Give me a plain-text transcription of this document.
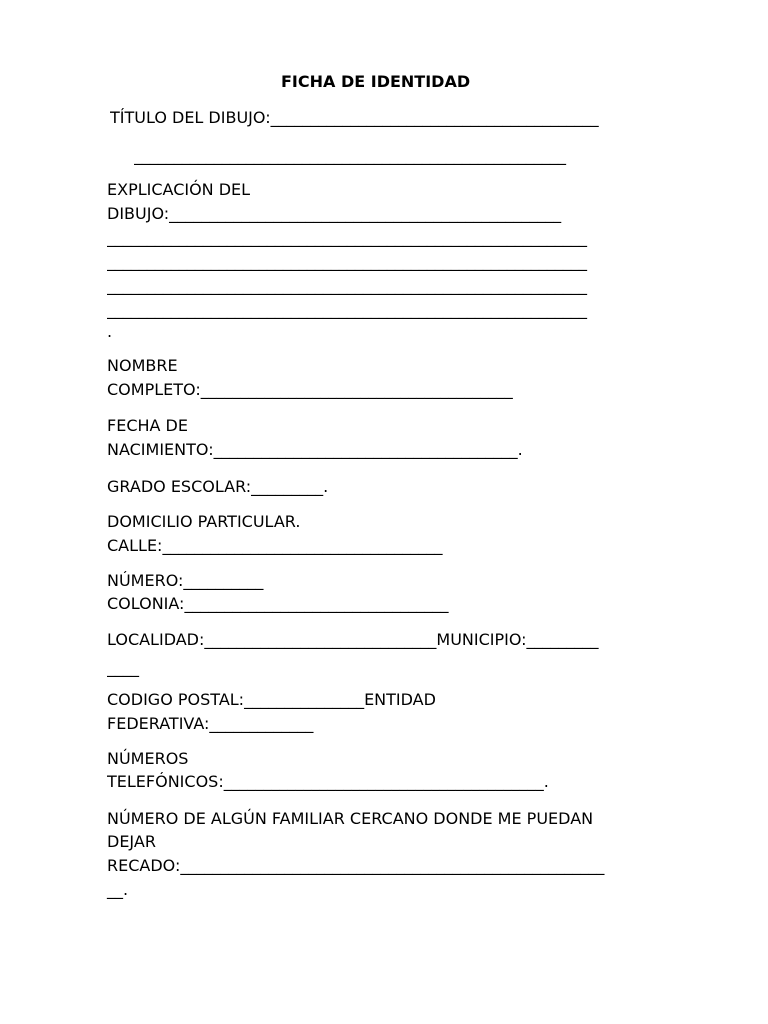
FICHA DE IDENTIDAD
TÍTULO DEL DIBUJO:_________________________________________
______________________________________________________
EXPLICACIÓN DEL
DIBUJO:_________________________________________________
____________________________________________________________
____________________________________________________________
____________________________________________________________
____________________________________________________________
.
NOMBRE
COMPLETO:_______________________________________
FECHA DE
NACIMIENTO:______________________________________.
GRADO ESCOLAR:_________.
DOMICILIO PARTICULAR.
CALLE:___________________________________
NÚMERO:__________
COLONIA:_________________________________
LOCALIDAD:_____________________________MUNICIPIO:_________
____
CODIGO POSTAL:_______________ENTIDAD
FEDERATIVA:_____________
NÚMEROS
TELEFÓNICOS:________________________________________.
NÚMERO DE ALGÚN FAMILIAR CERCANO DONDE ME PUEDAN
DEJAR
RECADO:_____________________________________________________
__.
